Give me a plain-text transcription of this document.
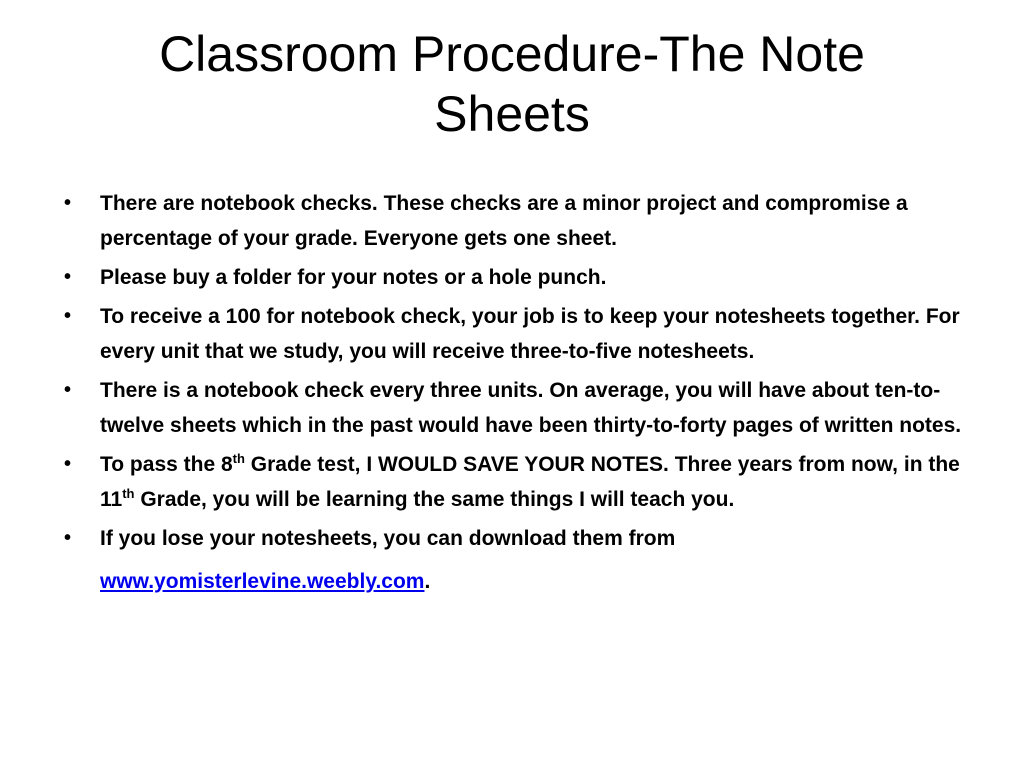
Classroom Procedure-The Note
Sheets
• There are notebook checks. These checks are a minor project and compromise a percentage of your grade. Everyone gets one sheet.
• Please buy a folder for your notes or a hole punch.
• To receive a 100 for notebook check, your job is to keep your notesheets together. For every unit that we study, you will receive three-to-five notesheets.
• There is a notebook check every three units. On average, you will have about ten-to-twelve sheets which in the past would have been thirty-to-forty pages of written notes.
• To pass the 8th Grade test, I WOULD SAVE YOUR NOTES. Three years from now, in the 11th Grade, you will be learning the same things I will teach you.
• If you lose your notesheets, you can download them from
www.yomisterlevine.weebly.com.
